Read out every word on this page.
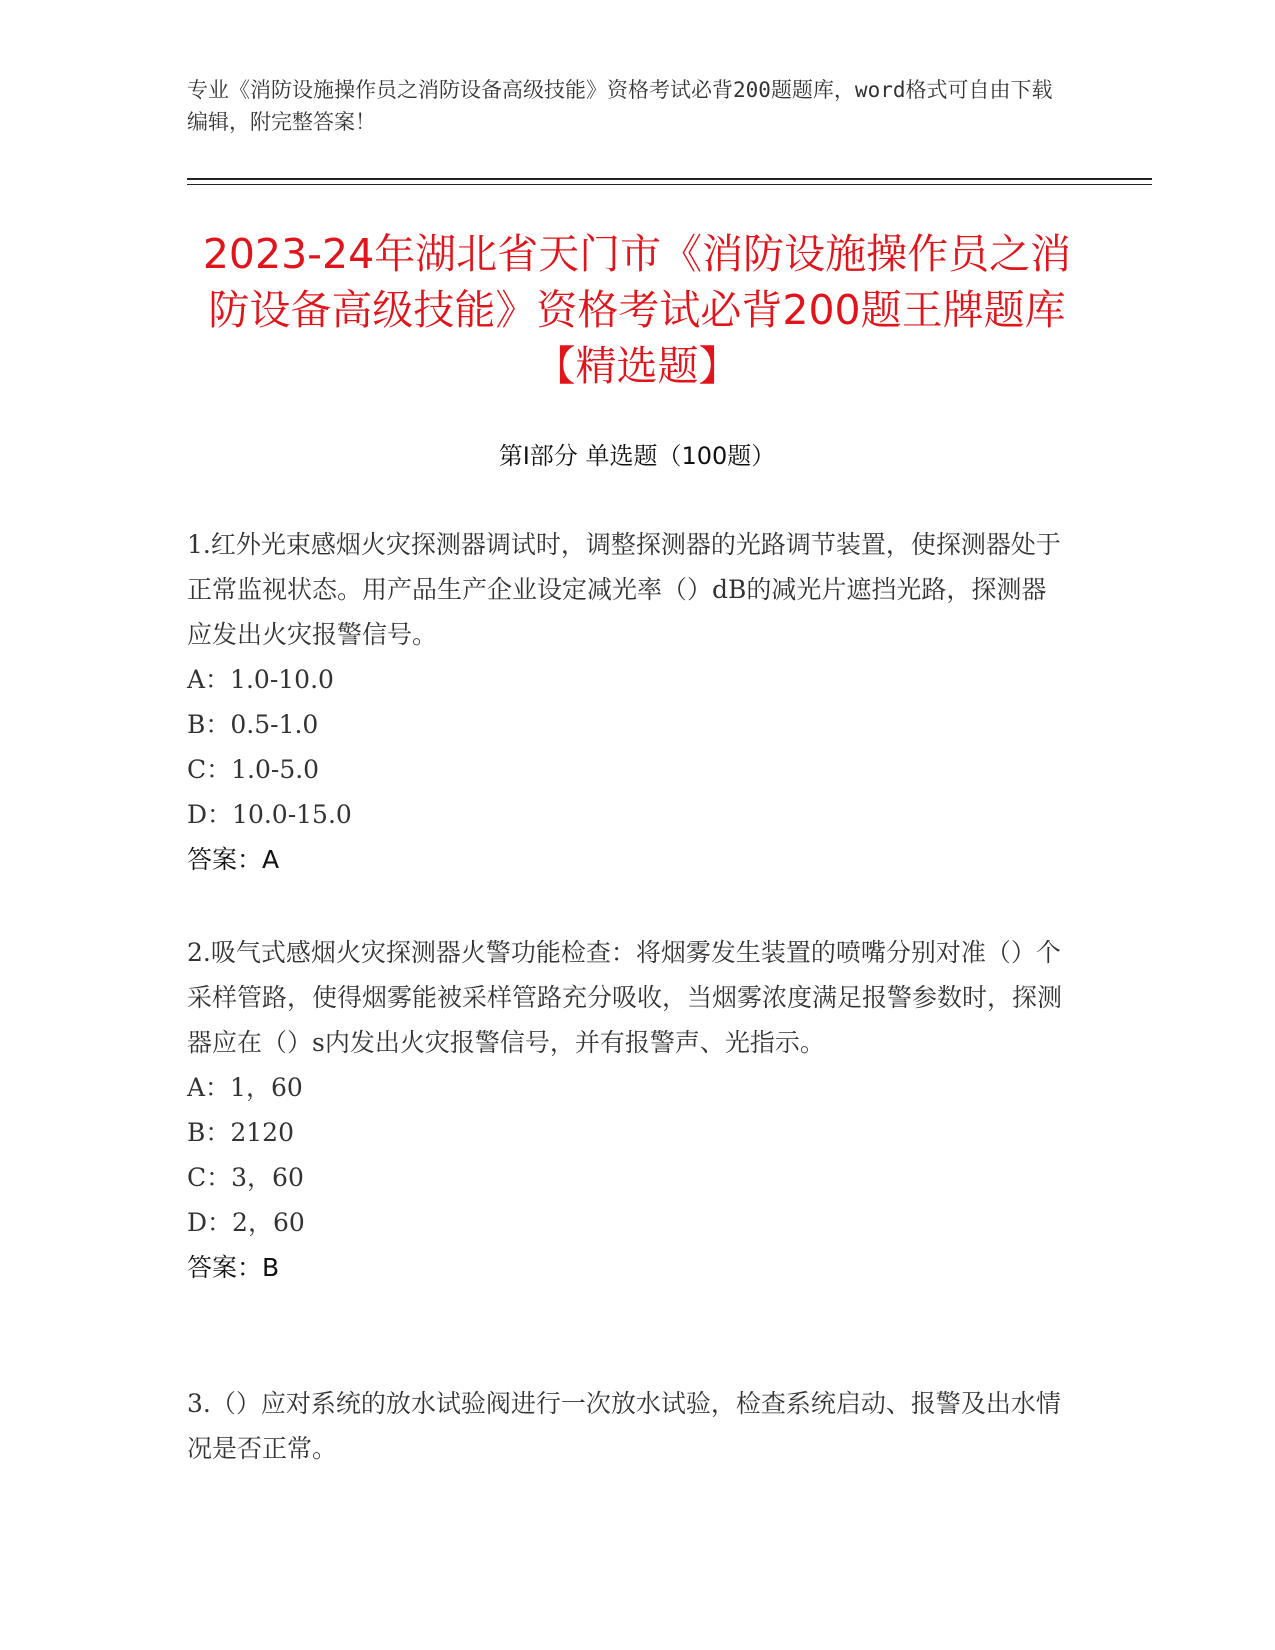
专业《消防设施操作员之消防设备高级技能》资格考试必背200题题库，word格式可自由下载编辑，附完整答案！
2023-24年湖北省天门市《消防设施操作员之消防设备高级技能》资格考试必背200题王牌题库【精选题】
第Ⅰ部分 单选题（100题）

1.红外光束感烟火灾探测器调试时，调整探测器的光路调节装置，使探测器处于正常监视状态。用产品生产企业设定减光率（）dB的减光片遮挡光路，探测器应发出火灾报警信号。

A：1.0-10.0

B：0.5-1.0

C：1.0-5.0

D：10.0-15.0

答案：A

2.吸气式感烟火灾探测器火警功能检查：将烟雾发生装置的喷嘴分别对准（）个采样管路，使得烟雾能被采样管路充分吸收，当烟雾浓度满足报警参数时，探测器应在（）s内发出火灾报警信号，并有报警声、光指示。

A：1，60

B：2120

C：3，60

D：2，60

答案：B

3.（）应对系统的放水试验阀进行一次放水试验，检查系统启动、报警及出水情况是否正常。
